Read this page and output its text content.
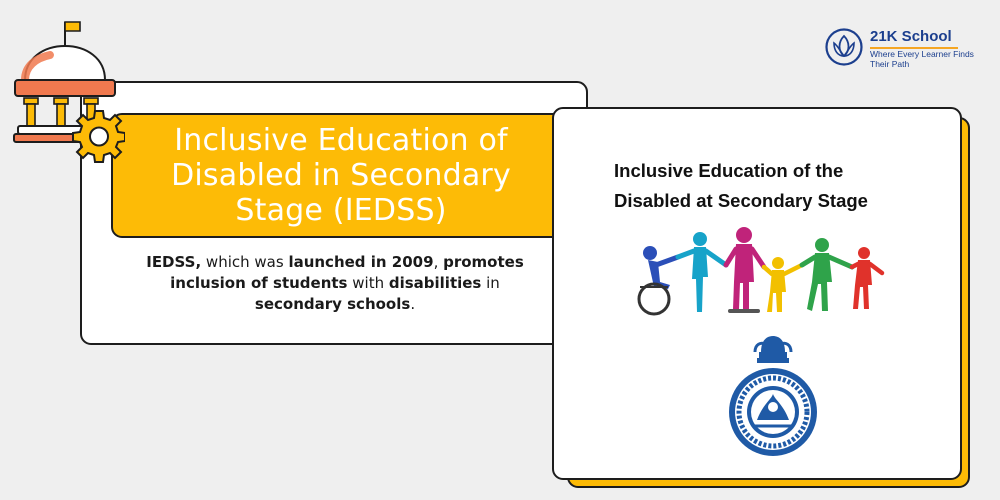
21K School
Where Every Learner Finds Their Path
Inclusive Education of Disabled in Secondary Stage (IEDSS)

IEDSS, which was launched in 2009, promotes inclusion of students with disabilities in secondary schools.

Inclusive Education of the
Disabled at Secondary Stage
